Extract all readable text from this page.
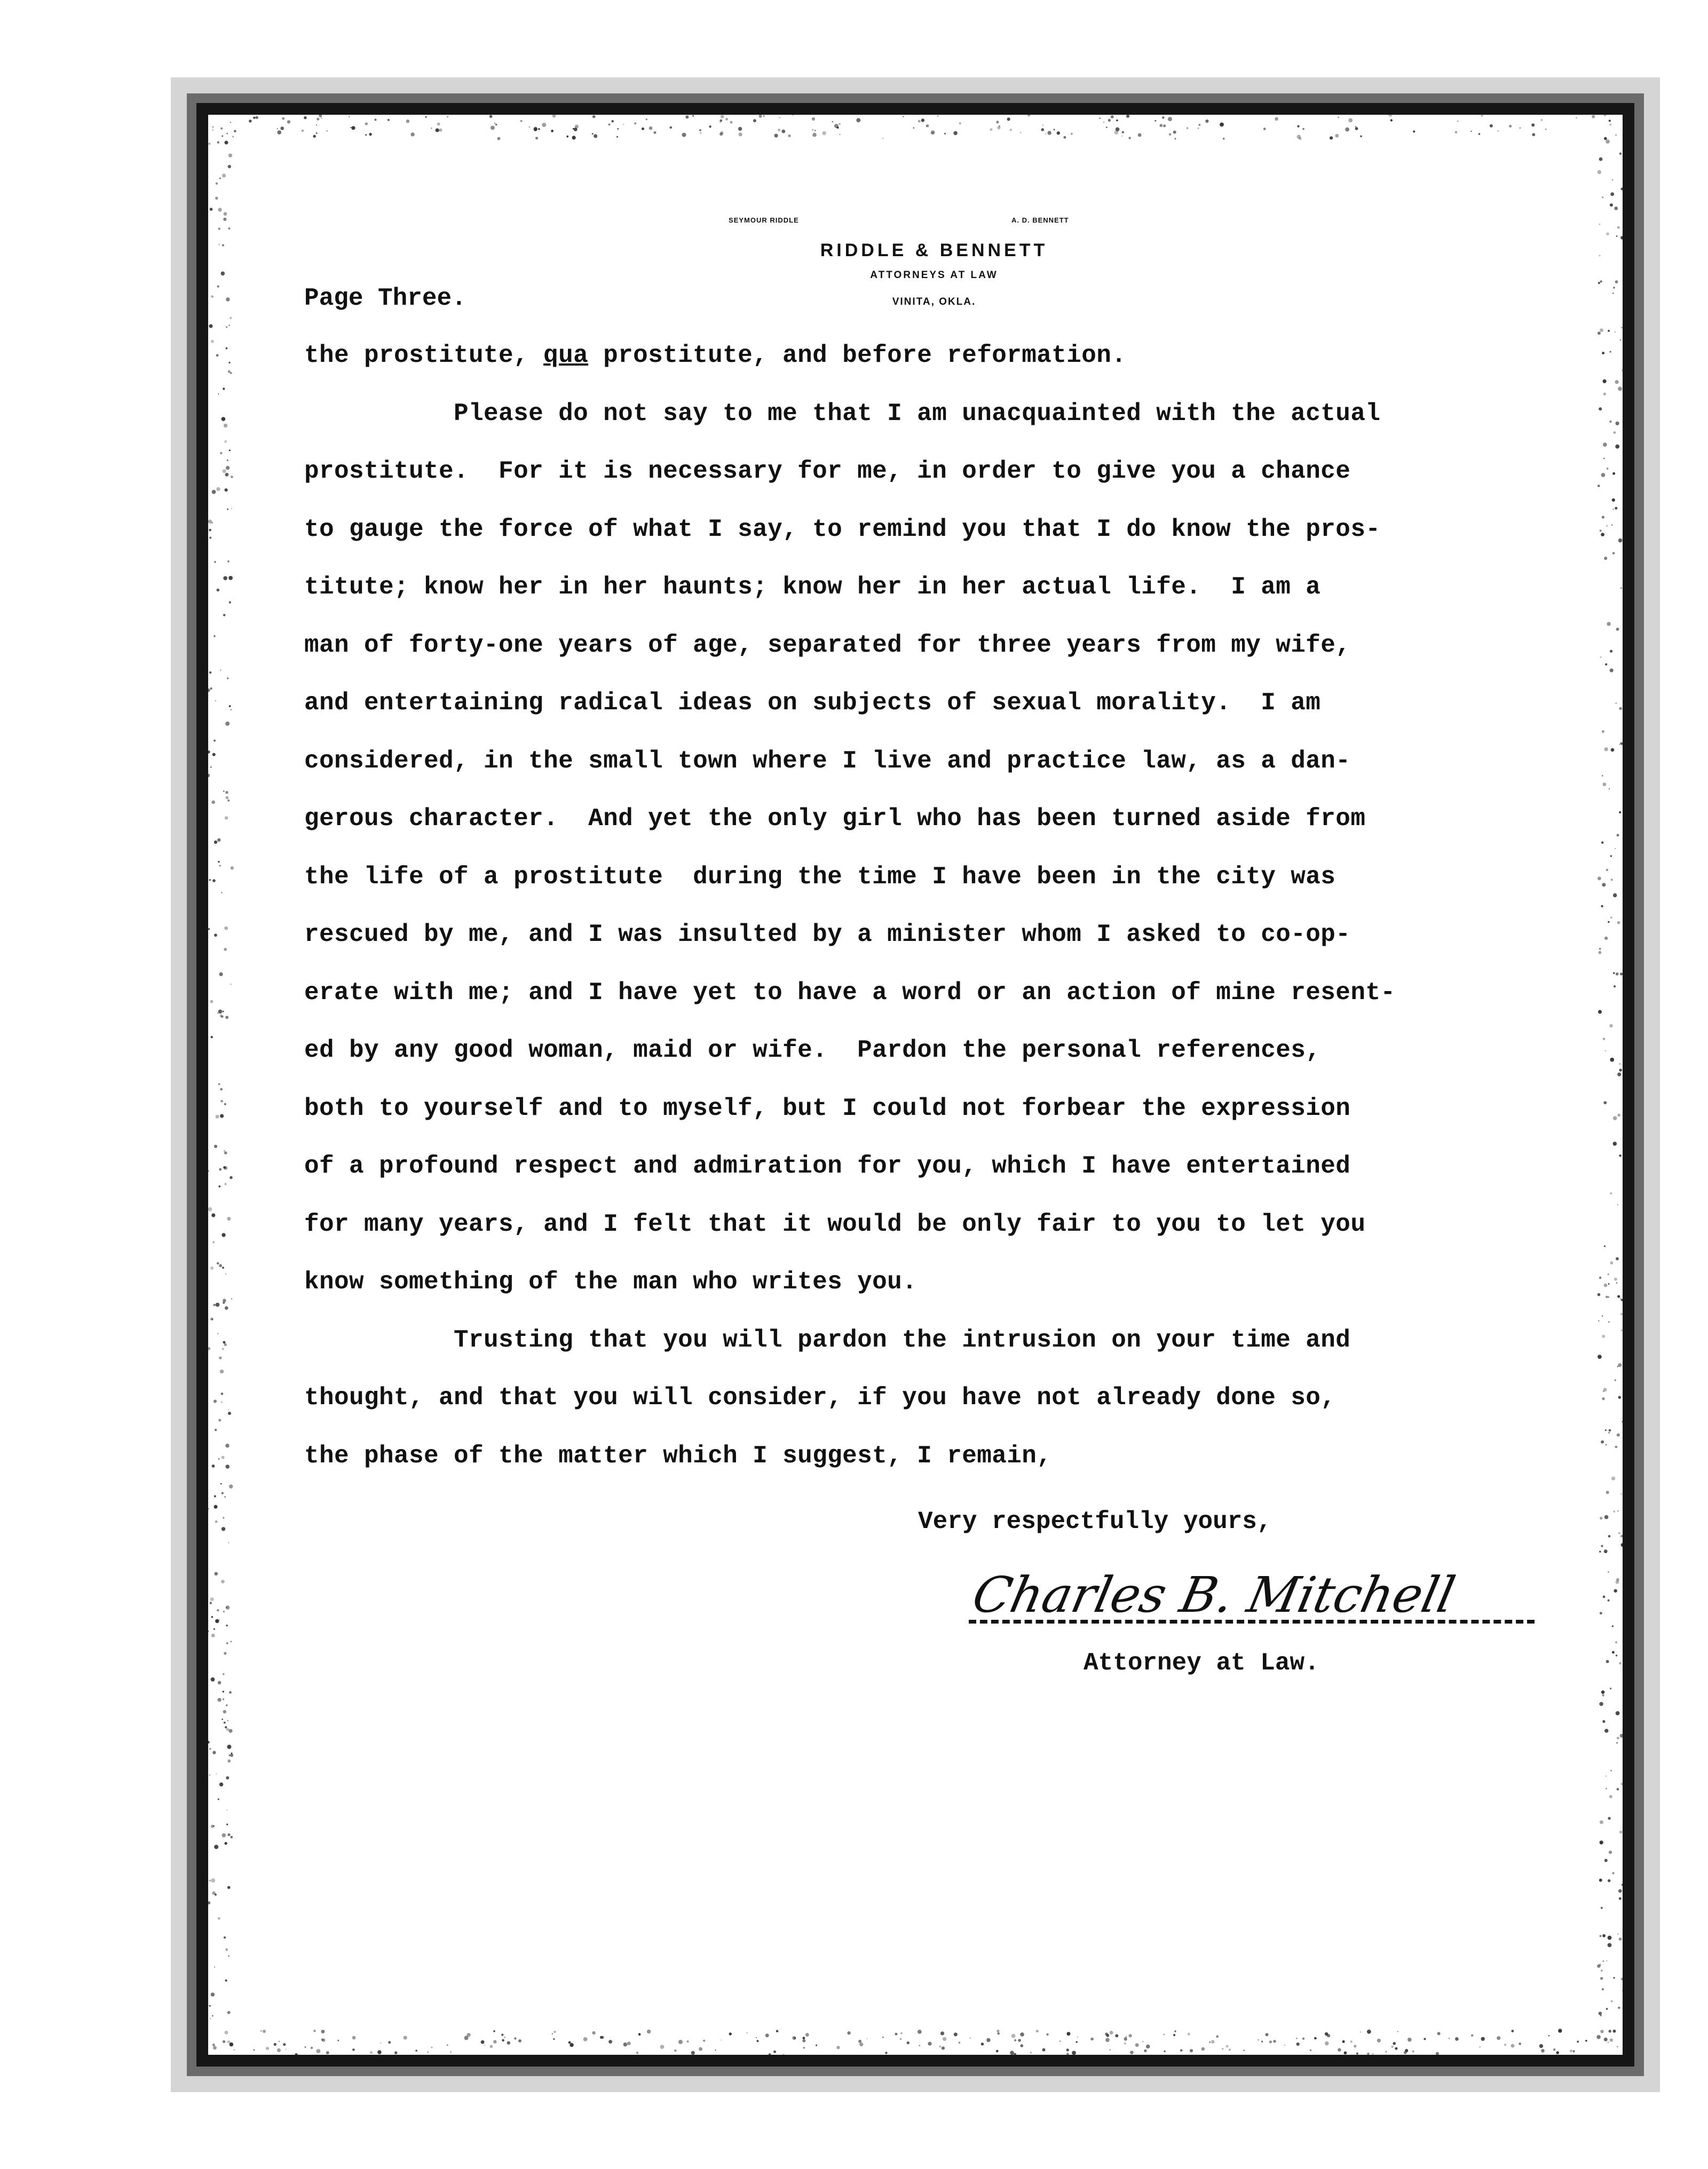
SEYMOUR RIDDLE	A. D. BENNETT
RIDDLE & BENNETT
ATTORNEYS AT LAW
VINITA, OKLA.
Page Three.
the prostitute, qua prostitute, and before reformation.
Please do not say to me that I am unacquainted with the actual
prostitute.  For it is necessary for me, in order to give you a chance
to gauge the force of what I say, to remind you that I do know the pros-
titute; know her in her haunts; know her in her actual life.  I am a
man of forty-one years of age, separated for three years from my wife,
and entertaining radical ideas on subjects of sexual morality.  I am
considered, in the small town where I live and practice law, as a dan-
gerous character.  And yet the only girl who has been turned aside from
the life of a prostitute  during the time I have been in the city was
rescued by me, and I was insulted by a minister whom I asked to co-op-
erate with me; and I have yet to have a word or an action of mine resent-
ed by any good woman, maid or wife.  Pardon the personal references,
both to yourself and to myself, but I could not forbear the expression
of a profound respect and admiration for you, which I have entertained
for many years, and I felt that it would be only fair to you to let you
know something of the man who writes you.
Trusting that you will pardon the intrusion on your time and
thought, and that you will consider, if you have not already done so,
the phase of the matter which I suggest, I remain,
Very respectfully yours,
Charles B. Mitchell
Attorney at Law.
